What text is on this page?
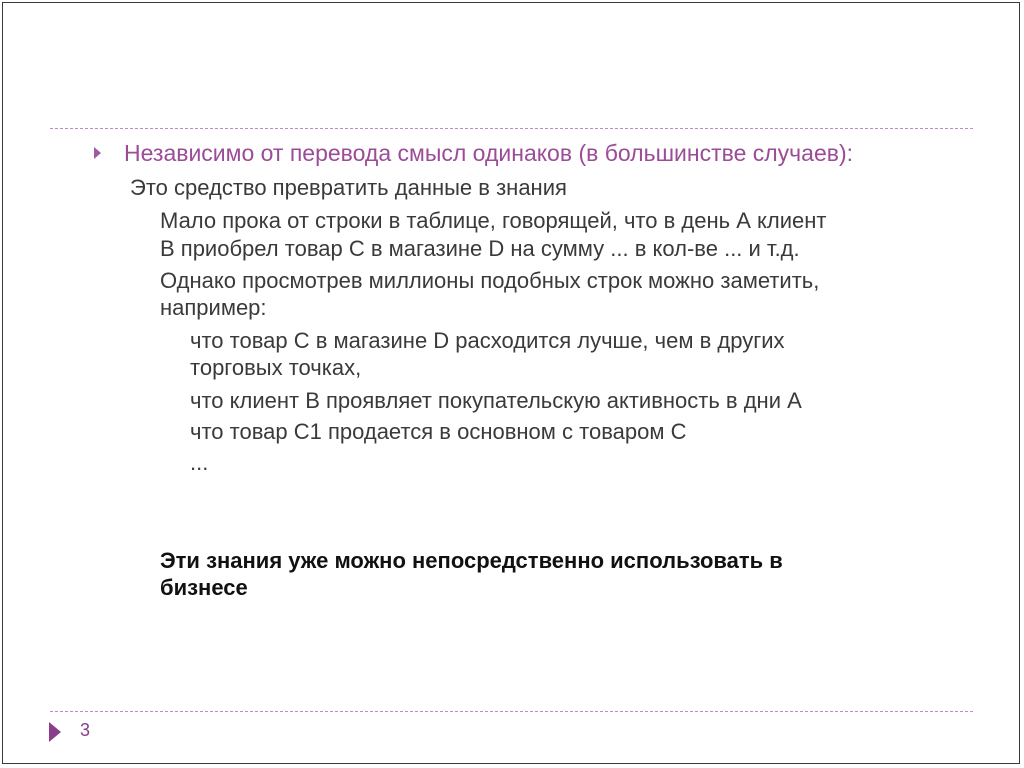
Независимо от перевода смысл одинаков (в большинстве случаев):
Это средство превратить данные в знания
Мало прока от строки в таблице, говорящей, что в день А клиент
В приобрел товар С в магазине D на сумму ... в кол-ве ... и т.д.
Однако просмотрев миллионы подобных строк можно заметить,
например:
что товар С в магазине D расходится лучше, чем в других
торговых точках,
что клиент В проявляет покупательскую активность в дни А
что товар С1 продается в основном с товаром С
...
Эти знания уже можно непосредственно использовать в
бизнесе
3
